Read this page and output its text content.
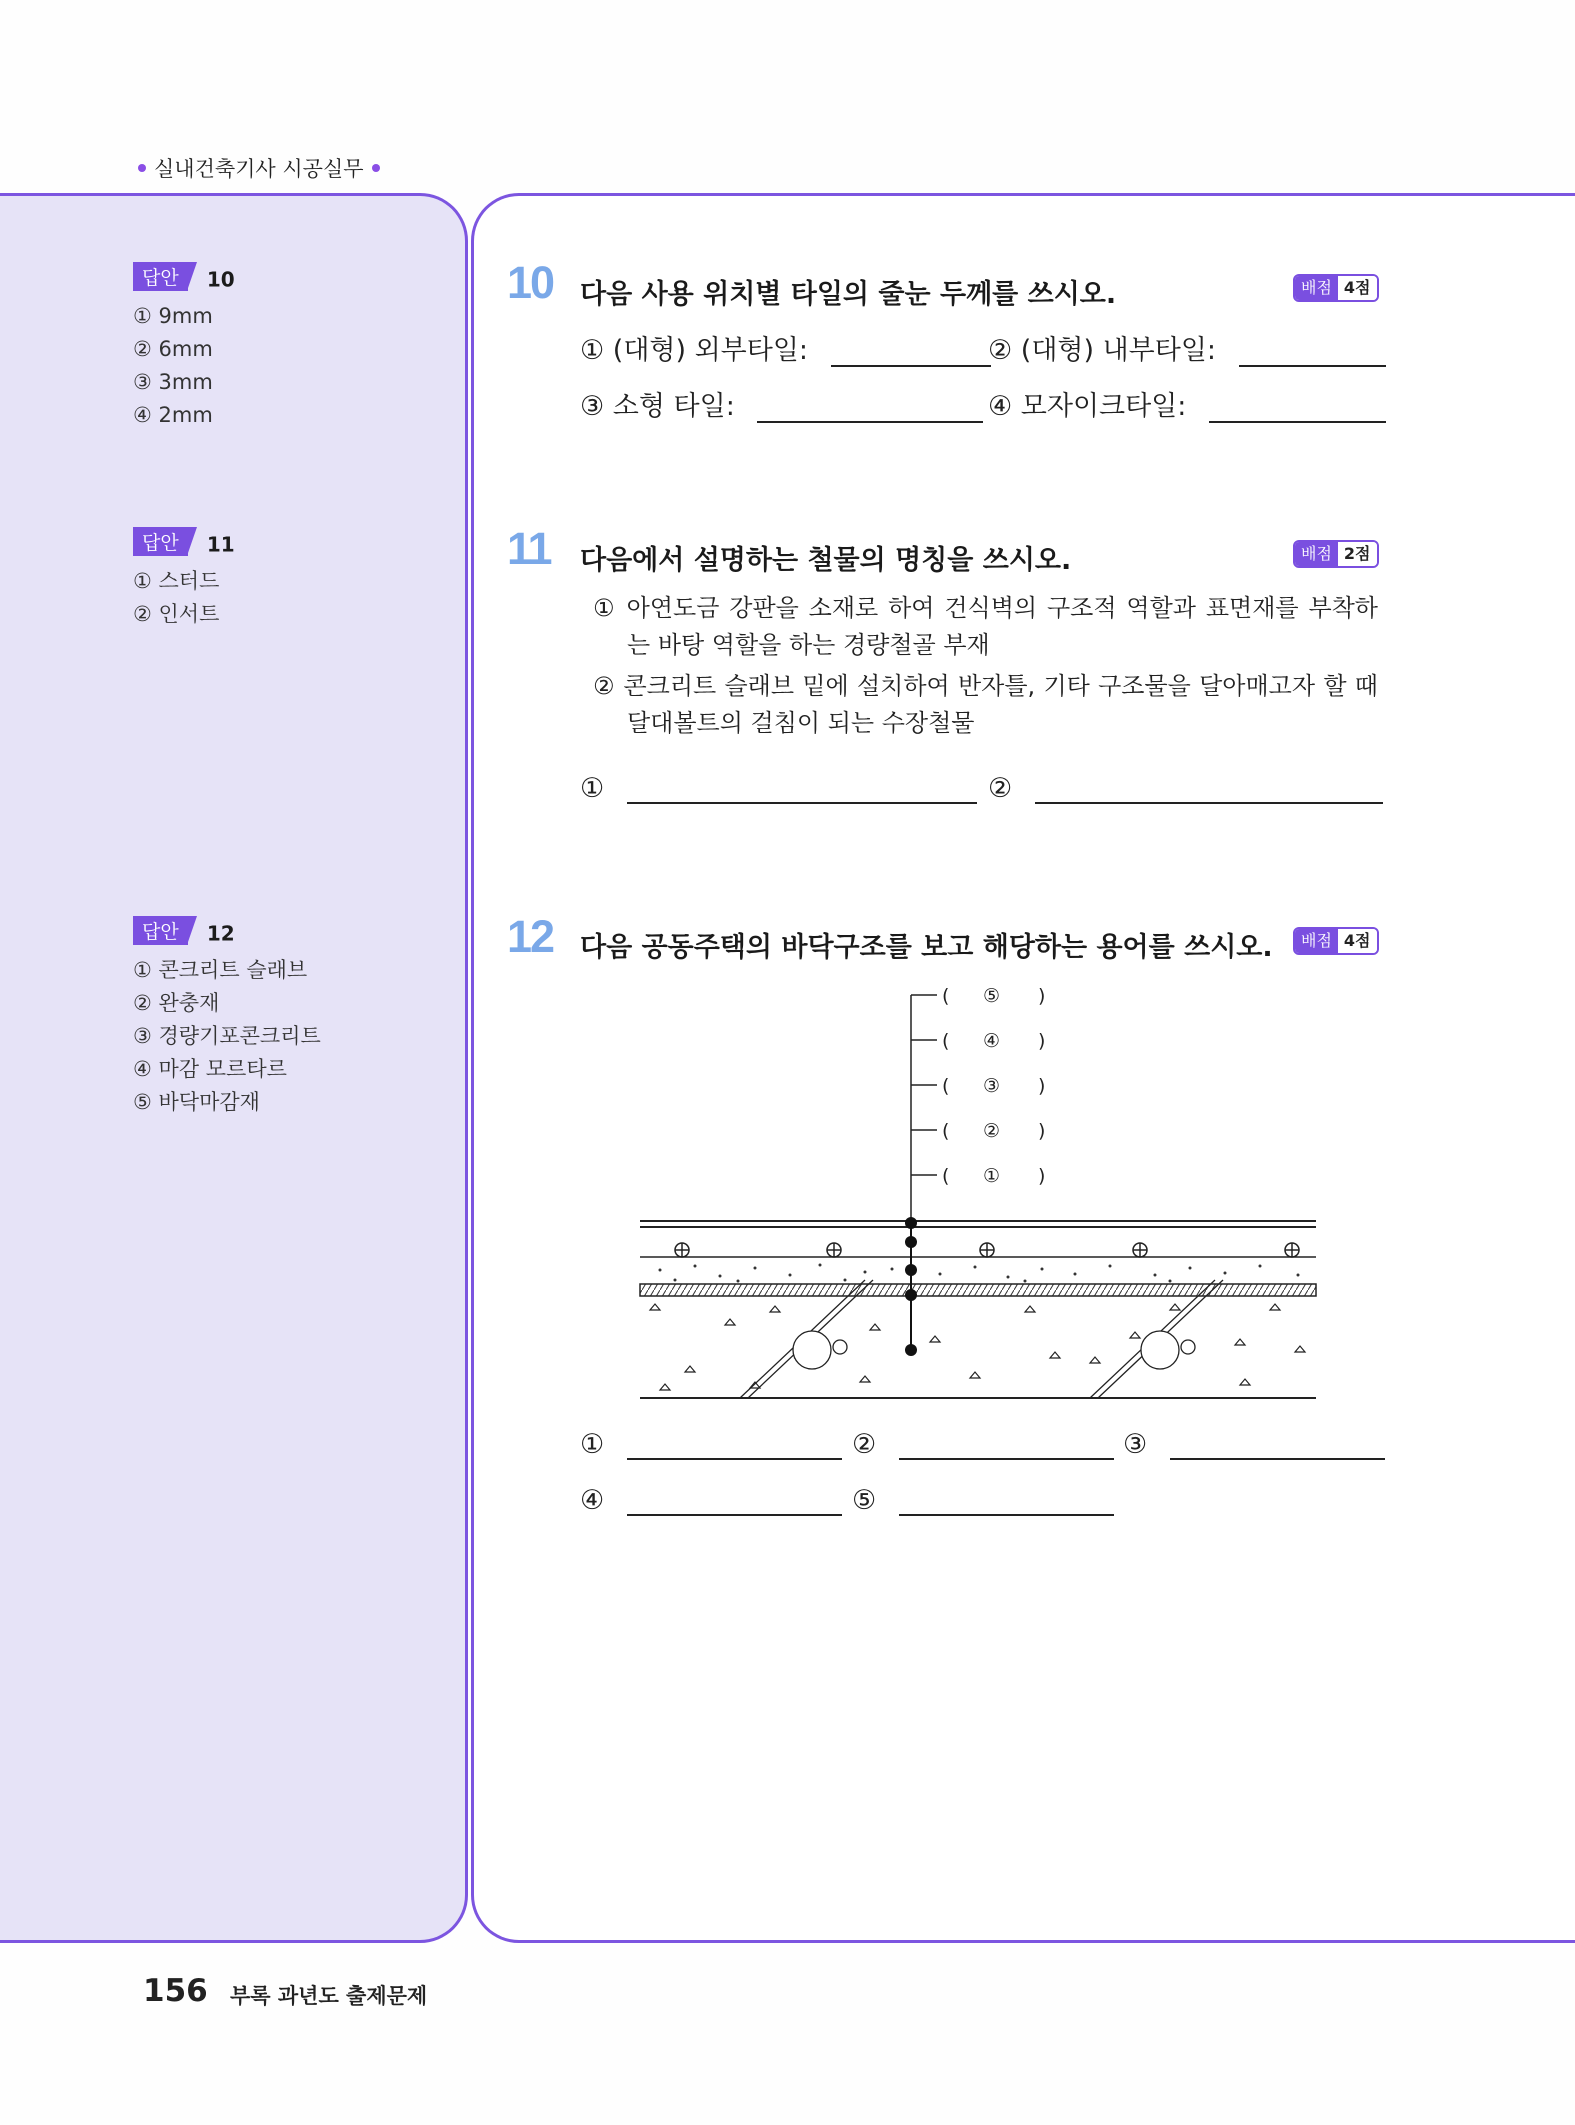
실내건축기사 시공실무
답안 10
① 9mm
② 6mm
③ 3mm
④ 2mm
답안 11
① 스터드
② 인서트
답안 12
① 콘크리트 슬래브
② 완충재
③ 경량기포콘크리트
④ 마감 모르타르
⑤ 바닥마감재
10 다음 사용 위치별 타일의 줄눈 두께를 쓰시오.	배점 4점
① (대형) 외부타일:	② (대형) 내부타일:
③ 소형 타일:	④ 모자이크타일:
11 다음에서 설명하는 철물의 명칭을 쓰시오.	배점 2점

① 아연도금 강판을 소재로 하여 건식벽의 구조적 역할과 표면재를 부착하는 바탕 역할을 하는 경량철골 부재

② 콘크리트 슬래브 밑에 설치하여 반자틀, 기타 구조물을 달아매고자 할 때 달대볼트의 걸침이 되는 수장철물

①	②
12 다음 공동주택의 바닥구조를 보고 해당하는 용어를 쓰시오.	배점 4점
( ⑤ )
( ④ )
( ③ )
( ② )
( ① )
①	②	③
④	⑤
156 부록 과년도 출제문제
